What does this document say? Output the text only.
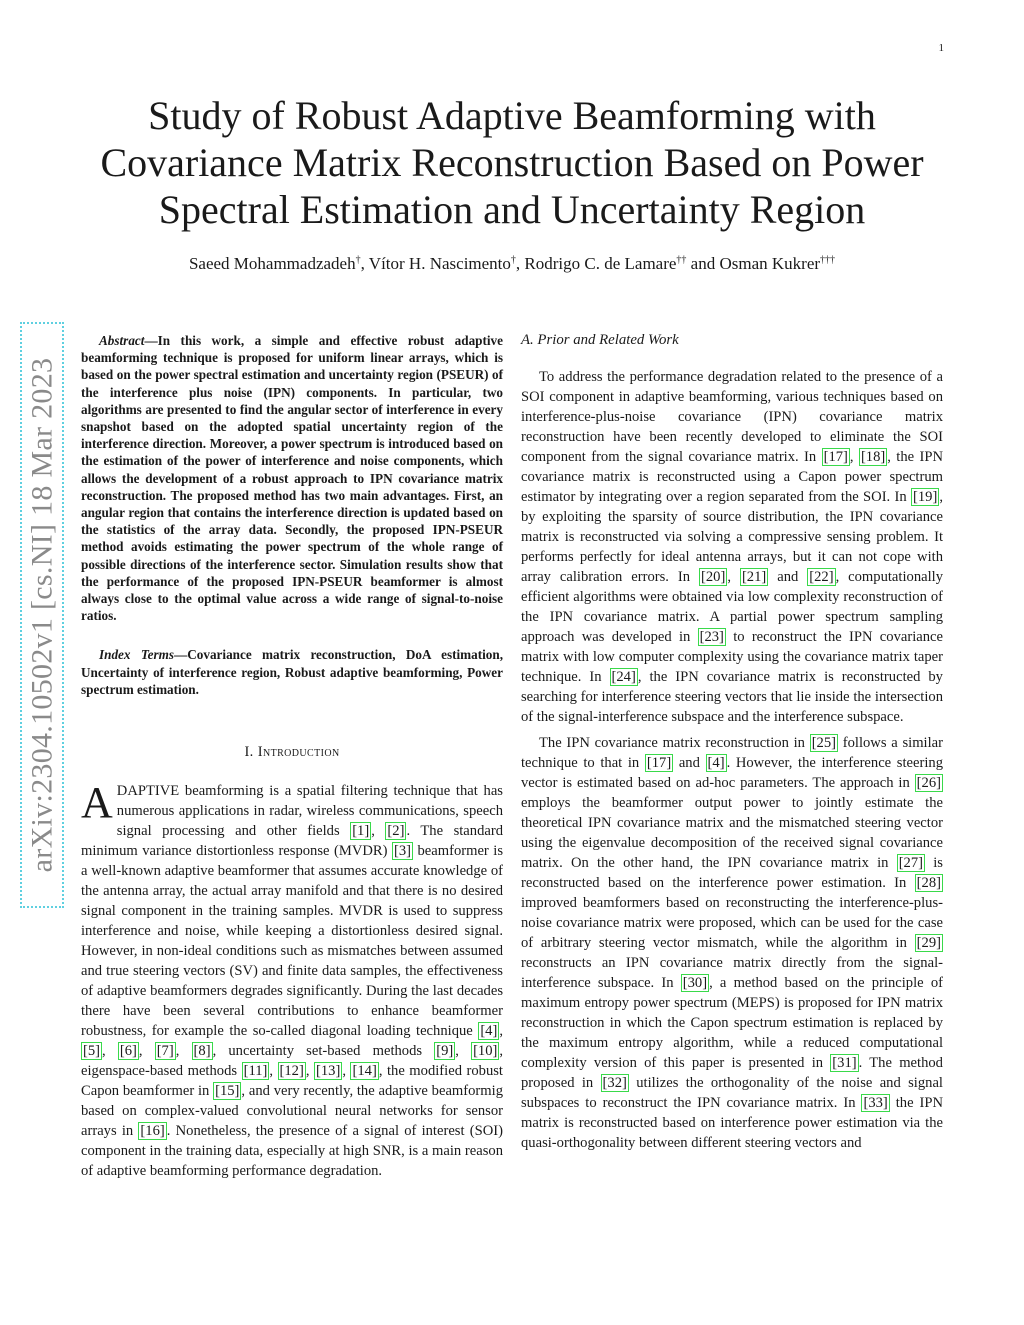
1
arXiv:2304.10502v1 [cs.NI] 18 Mar 2023
Study of Robust Adaptive Beamforming with Covariance Matrix Reconstruction Based on Power Spectral Estimation and Uncertainty Region
Saeed Mohammadzadeh†, Vítor H. Nascimento†, Rodrigo C. de Lamare†† and Osman Kukrer†††

Abstract—In this work, a simple and effective robust adaptive beamforming technique is proposed for uniform linear arrays, which is based on the power spectral estimation and uncertainty region (PSEUR) of the interference plus noise (IPN) components. In particular, two algorithms are presented to find the angular sector of interference in every snapshot based on the adopted spatial uncertainty region of the interference direction. Moreover, a power spectrum is introduced based on the estimation of the power of interference and noise components, which allows the development of a robust approach to IPN covariance matrix reconstruction. The proposed method has two main advantages. First, an angular region that contains the interference direction is updated based on the statistics of the array data. Secondly, the proposed IPN-PSEUR method avoids estimating the power spectrum of the whole range of possible directions of the interference sector. Simulation results show that the performance of the proposed IPN-PSEUR beamformer is almost always close to the optimal value across a wide range of signal-to-noise ratios.

Index Terms—Covariance matrix reconstruction, DoA estimation, Uncertainty of interference region, Robust adaptive beamforming, Power spectrum estimation.

I. Introduction

ADAPTIVE beamforming is a spatial filtering technique that has numerous applications in radar, wireless communications, speech signal processing and other fields [1] , [2] . The standard minimum variance distortionless response (MVDR) [3] beamformer is a well-known adaptive beamformer that assumes accurate knowledge of the antenna array, the actual array manifold and that there is no desired signal component in the training samples. MVDR is used to suppress interference and noise, while keeping a distortionless desired signal. However, in non-ideal conditions such as mismatches between assumed and true steering vectors (SV) and finite data samples, the effectiveness of adaptive beamformers degrades significantly. During the last decades there have been several contributions to enhance beamformer robustness, for example the so-called diagonal loading technique [4] , [5] , [6] , [7] , [8] , uncertainty set-based methods [9] , [10] , eigenspace-based methods [11] , [12] , [13] , [14] , the modified robust Capon beamformer in [15] , and very recently, the adaptive beamformig based on complex-valued convolutional neural networks for sensor arrays in [16] . Nonetheless, the presence of a signal of interest (SOI) component in the training data, especially at high SNR, is a main reason of adaptive beamforming performance degradation.

A. Prior and Related Work

To address the performance degradation related to the presence of a SOI component in adaptive beamforming, various techniques based on interference-plus-noise covariance (IPN) covariance matrix reconstruction have been recently developed to eliminate the SOI component from the signal covariance matrix. In [17] , [18] , the IPN covariance matrix is reconstructed using a Capon power spectrum estimator by integrating over a region separated from the SOI. In [19] , by exploiting the sparsity of source distribution, the IPN covariance matrix is reconstructed via solving a compressive sensing problem. It performs perfectly for ideal antenna arrays, but it can not cope with array calibration errors. In [20] , [21] and [22] , computationally efficient algorithms were obtained via low complexity reconstruction of the IPN covariance matrix. A partial power spectrum sampling approach was developed in [23] to reconstruct the IPN covariance matrix with low computer complexity using the covariance matrix taper technique. In [24] , the IPN covariance matrix is reconstructed by searching for interference steering vectors that lie inside the intersection of the signal-interference subspace and the interference subspace.

The IPN covariance matrix reconstruction in [25] follows a similar technique to that in [17] and [4] . However, the interference steering vector is estimated based on ad-hoc parameters. The approach in [26] employs the beamformer output power to jointly estimate the theoretical IPN covariance matrix and the mismatched steering vector using the eigenvalue decomposition of the received signal covariance matrix. On the other hand, the IPN covariance matrix in [27] is reconstructed based on the interference power estimation. In [28] improved beamformers based on reconstructing the interference-plus-noise covariance matrix were proposed, which can be used for the case of arbitrary steering vector mismatch, while the algorithm in [29] reconstructs an IPN covariance matrix directly from the signal-interference subspace. In [30] , a method based on the principle of maximum entropy power spectrum (MEPS) is proposed for IPN matrix reconstruction in which the Capon spectrum estimation is replaced by the maximum entropy algorithm, while a reduced computational complexity version of this paper is presented in [31] . The method proposed in [32] utilizes the orthogonality of the noise and signal subspaces to reconstruct the IPN covariance matrix. In [33] the IPN matrix is reconstructed based on interference power estimation via the quasi-orthogonality between different steering vectors and
